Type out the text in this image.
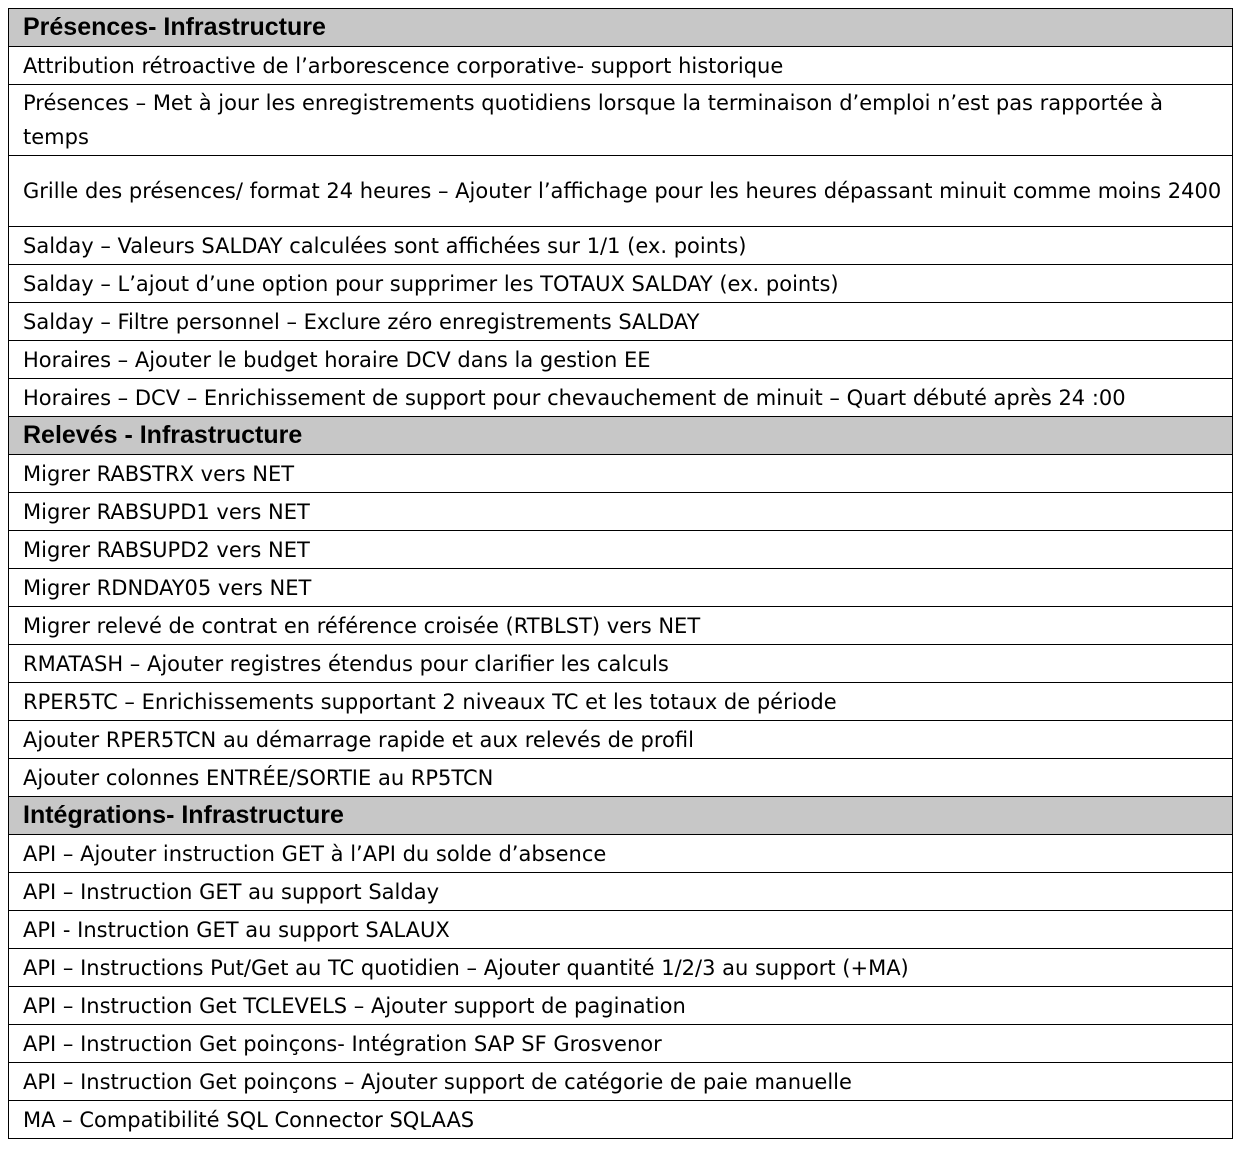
Présences- Infrastructure
Attribution rétroactive de l’arborescence corporative- support historique
Présences – Met à jour les enregistrements quotidiens lorsque la terminaison d’emploi n’est pas rapportée à temps
Grille des présences/ format 24 heures – Ajouter l’affichage pour les heures dépassant minuit comme moins 2400
Salday – Valeurs SALDAY calculées sont affichées sur 1/1 (ex. points)
Salday – L’ajout d’une option pour supprimer les TOTAUX SALDAY (ex. points)
Salday – Filtre personnel – Exclure zéro enregistrements SALDAY
Horaires – Ajouter le budget horaire DCV dans la gestion EE
Horaires – DCV – Enrichissement de support pour chevauchement de minuit – Quart débuté après 24 :00
Relevés - Infrastructure
Migrer RABSTRX vers NET
Migrer RABSUPD1 vers NET
Migrer RABSUPD2 vers NET
Migrer RDNDAY05 vers NET
Migrer relevé de contrat en référence croisée (RTBLST) vers NET
RMATASH – Ajouter registres étendus pour clarifier les calculs
RPER5TC – Enrichissements supportant 2 niveaux TC et les totaux de période
Ajouter RPER5TCN au démarrage rapide et aux relevés de profil
Ajouter colonnes ENTRÉE/SORTIE au RP5TCN
Intégrations- Infrastructure
API – Ajouter instruction GET à l’API du solde d’absence
API – Instruction GET au support Salday
API - Instruction GET au support SALAUX
API – Instructions Put/Get au TC quotidien – Ajouter quantité 1/2/3 au support (+MA)
API – Instruction Get TCLEVELS – Ajouter support de pagination
API – Instruction Get poinçons- Intégration SAP SF Grosvenor
API – Instruction Get poinçons – Ajouter support de catégorie de paie manuelle
MA – Compatibilité SQL Connector SQLAAS
